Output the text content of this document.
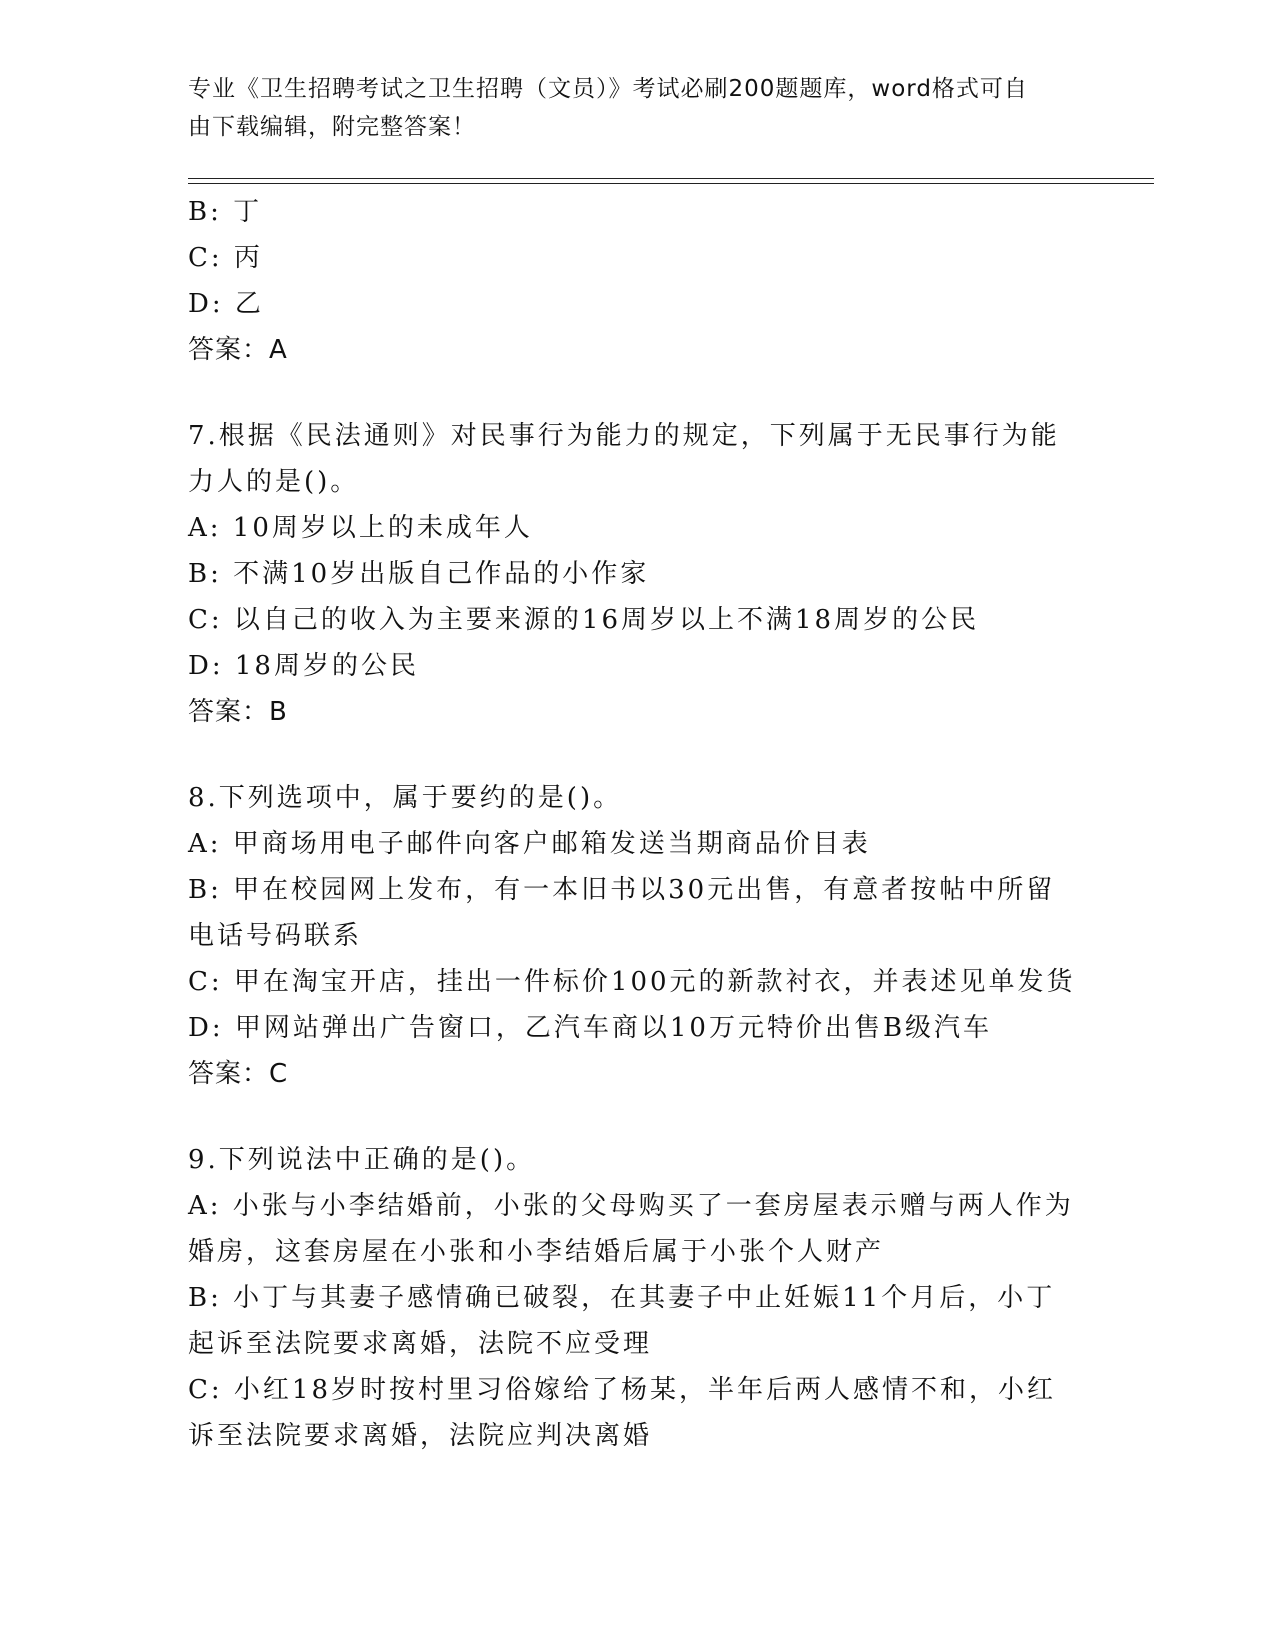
专业《卫生招聘考试之卫生招聘（文员）》考试必刷200题题库，word格式可自
由下载编辑，附完整答案！
B: 丁
C: 丙
D: 乙
答案：A
7.根据《民法通则》对民事行为能力的规定，下列属于无民事行为能
力人的是()。
A: 10周岁以上的未成年人
B: 不满10岁出版自己作品的小作家
C: 以自己的收入为主要来源的16周岁以上不满18周岁的公民
D: 18周岁的公民
答案：B
8.下列选项中，属于要约的是()。
A: 甲商场用电子邮件向客户邮箱发送当期商品价目表
B: 甲在校园网上发布，有一本旧书以30元出售，有意者按帖中所留
电话号码联系
C: 甲在淘宝开店，挂出一件标价100元的新款衬衣，并表述见单发货
D: 甲网站弹出广告窗口，乙汽车商以10万元特价出售B级汽车
答案：C
9.下列说法中正确的是()。
A: 小张与小李结婚前，小张的父母购买了一套房屋表示赠与两人作为
婚房，这套房屋在小张和小李结婚后属于小张个人财产
B: 小丁与其妻子感情确已破裂，在其妻子中止妊娠11个月后，小丁
起诉至法院要求离婚，法院不应受理
C: 小红18岁时按村里习俗嫁给了杨某，半年后两人感情不和，小红
诉至法院要求离婚，法院应判决离婚
